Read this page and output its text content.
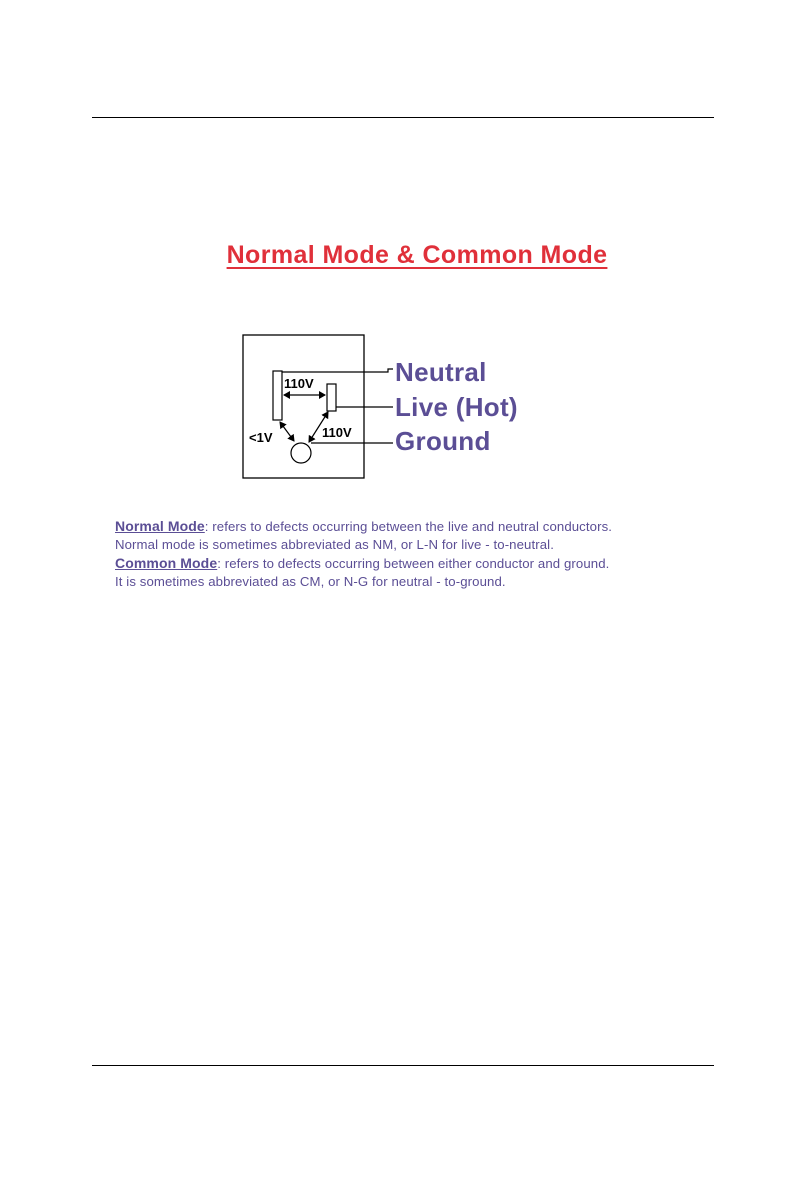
Normal Mode & Common Mode
110V
<1V	110V
Neutral
Live (Hot)
Ground
Normal Mode: refers to defects occurring between the live and neutral conductors.
Normal mode is sometimes abbreviated as NM, or L-N for live - to-neutral.
Common Mode: refers to defects occurring between either conductor and ground.
It is sometimes abbreviated as CM, or N-G for neutral - to-ground.
